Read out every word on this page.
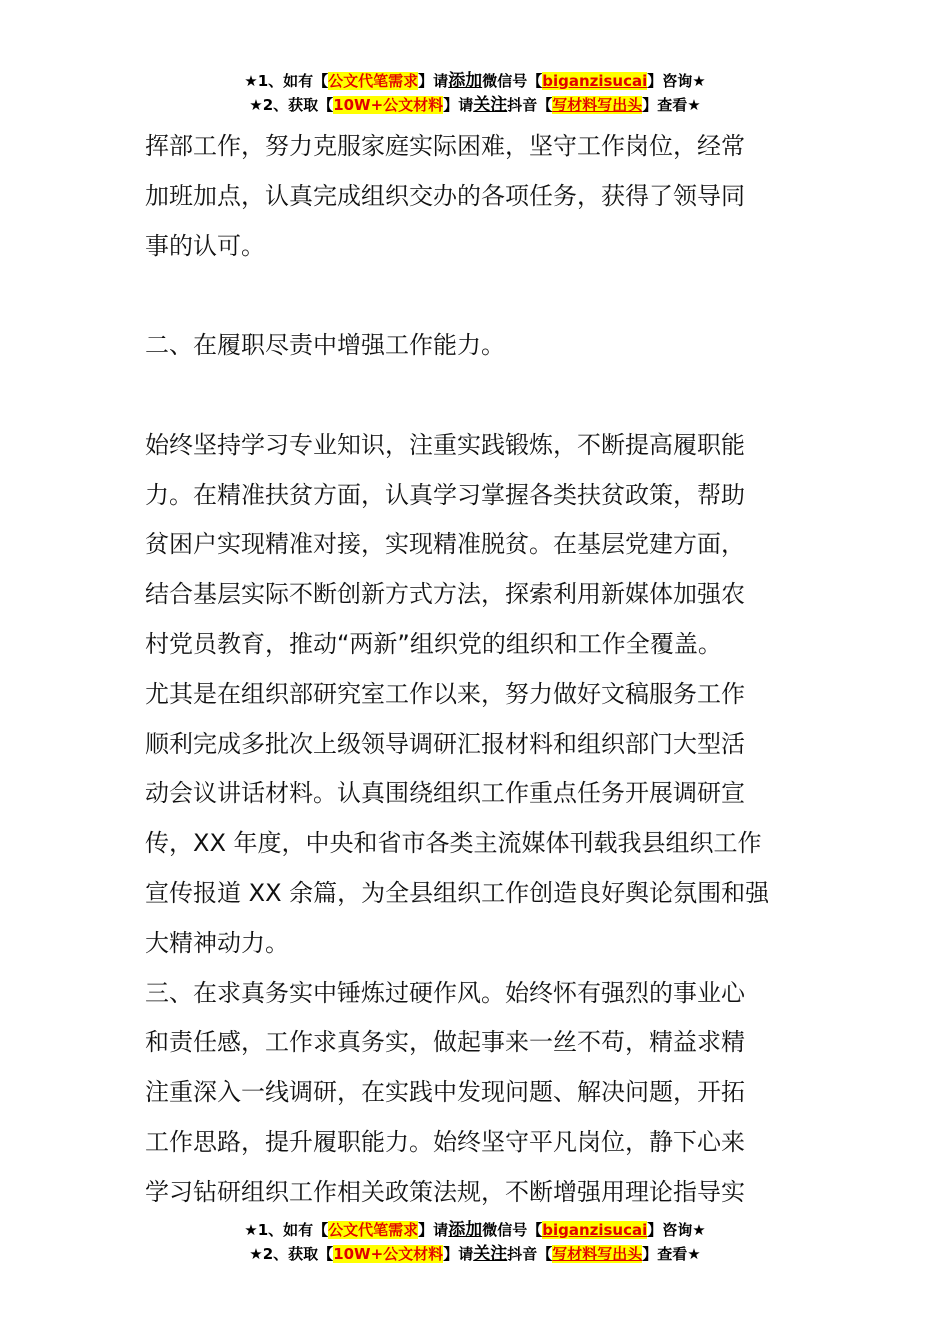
★1、如有【公文代笔需求】请添加微信号【biganzisucai】咨询★
★2、获取【10W+公文材料】请关注抖音【写材料写出头】查看★
挥部工作，努力克服家庭实际困难，坚守工作岗位，经常
加班加点，认真完成组织交办的各项任务，获得了领导同
事的认可。
二、在履职尽责中增强工作能力。
始终坚持学习专业知识，注重实践锻炼，不断提高履职能
力。在精准扶贫方面，认真学习掌握各类扶贫政策，帮助
贫困户实现精准对接，实现精准脱贫。在基层党建方面，
结合基层实际不断创新方式方法，探索利用新媒体加强农
村党员教育，推动“两新”组织党的组织和工作全覆盖。
尤其是在组织部研究室工作以来，努力做好文稿服务工作
顺利完成多批次上级领导调研汇报材料和组织部门大型活
动会议讲话材料。认真围绕组织工作重点任务开展调研宣
传，XX 年度，中央和省市各类主流媒体刊载我县组织工作
宣传报道 XX 余篇，为全县组织工作创造良好舆论氛围和强
大精神动力。
三、在求真务实中锤炼过硬作风。始终怀有强烈的事业心
和责任感，工作求真务实，做起事来一丝不苟，精益求精
注重深入一线调研，在实践中发现问题、解决问题，开拓
工作思路，提升履职能力。始终坚守平凡岗位，静下心来
学习钻研组织工作相关政策法规，不断增强用理论指导实
★1、如有【公文代笔需求】请添加微信号【biganzisucai】咨询★
★2、获取【10W+公文材料】请关注抖音【写材料写出头】查看★
